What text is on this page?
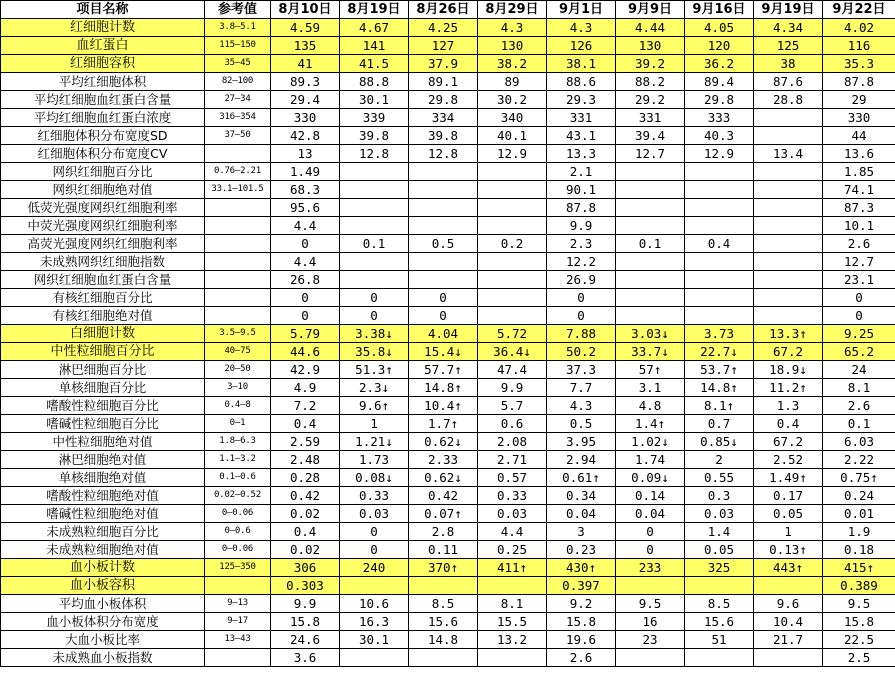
项目名称	参考值	8月10日	8月19日	8月26日	8月29日	9月1日	9月9日	9月16日	9月19日	9月22日
红细胞计数	3.8—5.1	4.59	4.67	4.25	4.3	4.3	4.44	4.05	4.34	4.02
血红蛋白	115—150	135	141	127	130	126	130	120	125	116
红细胞容积	35—45	41	41.5	37.9	38.2	38.1	39.2	36.2	38	35.3
平均红细胞体积	82—100	89.3	88.8	89.1	89	88.6	88.2	89.4	87.6	87.8
平均红细胞血红蛋白含量	27—34	29.4	30.1	29.8	30.2	29.3	29.2	29.8	28.8	29
平均红细胞血红蛋白浓度	316—354	330	339	334	340	331	331	333		330
红细胞体积分布宽度SD	37—50	42.8	39.8	39.8	40.1	43.1	39.4	40.3		44
红细胞体积分布宽度CV		13	12.8	12.8	12.9	13.3	12.7	12.9	13.4	13.6
网织红细胞百分比	0.76—2.21	1.49				2.1				1.85
网织红细胞绝对值	33.1—101.5	68.3				90.1				74.1
低荧光强度网织红细胞利率		95.6				87.8				87.3
中荧光强度网织红细胞利率		4.4				9.9				10.1
高荧光强度网织红细胞利率		0	0.1	0.5	0.2	2.3	0.1	0.4		2.6
未成熟网织红细胞指数		4.4				12.2				12.7
网织红细胞血红蛋白含量		26.8				26.9				23.1
有核红细胞百分比		0	0	0		0				0
有核红细胞绝对值		0	0	0		0				0
白细胞计数	3.5—9.5	5.79	3.38↓	4.04	5.72	7.88	3.03↓	3.73	13.3↑	9.25
中性粒细胞百分比	40—75	44.6	35.8↓	15.4↓	36.4↓	50.2	33.7↓	22.7↓	67.2	65.2
淋巴细胞百分比	20—50	42.9	51.3↑	57.7↑	47.4	37.3	57↑	53.7↑	18.9↓	24
单核细胞百分比	3—10	4.9	2.3↓	14.8↑	9.9	7.7	3.1	14.8↑	11.2↑	8.1
嗜酸性粒细胞百分比	0.4—8	7.2	9.6↑	10.4↑	5.7	4.3	4.8	8.1↑	1.3	2.6
嗜碱性粒细胞百分比	0—1	0.4	1	1.7↑	0.6	0.5	1.4↑	0.7	0.4	0.1
中性粒细胞绝对值	1.8—6.3	2.59	1.21↓	0.62↓	2.08	3.95	1.02↓	0.85↓	67.2	6.03
淋巴细胞绝对值	1.1—3.2	2.48	1.73	2.33	2.71	2.94	1.74	2	2.52	2.22
单核细胞绝对值	0.1—0.6	0.28	0.08↓	0.62↓	0.57	0.61↑	0.09↓	0.55	1.49↑	0.75↑
嗜酸性粒细胞绝对值	0.02—0.52	0.42	0.33	0.42	0.33	0.34	0.14	0.3	0.17	0.24
嗜碱性粒细胞绝对值	0—0.06	0.02	0.03	0.07↑	0.03	0.04	0.04	0.03	0.05	0.01
未成熟粒细胞百分比	0—0.6	0.4	0	2.8	4.4	3	0	1.4	1	1.9
未成熟粒细胞绝对值	0—0.06	0.02	0	0.11	0.25	0.23	0	0.05	0.13↑	0.18
血小板计数	125—350	306	240	370↑	411↑	430↑	233	325	443↑	415↑
血小板容积		0.303				0.397				0.389
平均血小板体积	9—13	9.9	10.6	8.5	8.1	9.2	9.5	8.5	9.6	9.5
血小板体积分布宽度	9—17	15.8	16.3	15.6	15.5	15.8	16	15.6	10.4	15.8
大血小板比率	13—43	24.6	30.1	14.8	13.2	19.6	23	51	21.7	22.5
未成熟血小板指数		3.6				2.6				2.5
